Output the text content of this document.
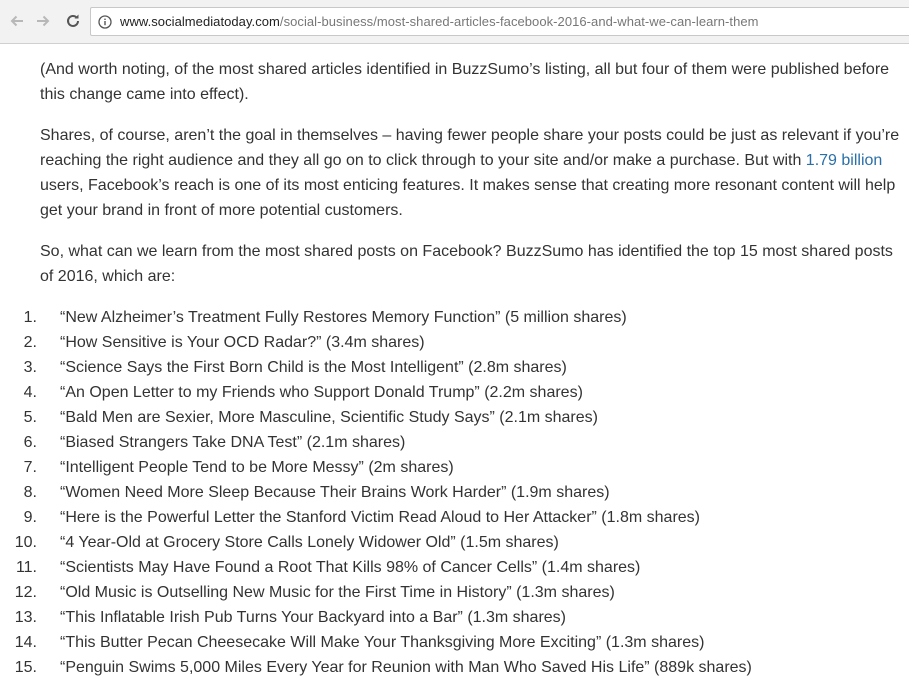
www.socialmediatoday.com/social-business/most-shared-articles-facebook-2016-and-what-we-can-learn-them

(And worth noting, of the most shared articles identified in BuzzSumo’s listing, all but four of them were published before this change came into effect).

Shares, of course, aren’t the goal in themselves – having fewer people share your posts could be just as relevant if you’re reaching the right audience and they all go on to click through to your site and/or make a purchase. But with 1.79 billion users, Facebook’s reach is one of its most enticing features. It makes sense that creating more resonant content will help get your brand in front of more potential customers.

So, what can we learn from the most shared posts on Facebook? BuzzSumo has identified the top 15 most shared posts of 2016, which are:

1. “New Alzheimer’s Treatment Fully Restores Memory Function” (5 million shares)
2. “How Sensitive is Your OCD Radar?” (3.4m shares)
3. “Science Says the First Born Child is the Most Intelligent” (2.8m shares)
4. “An Open Letter to my Friends who Support Donald Trump” (2.2m shares)
5. “Bald Men are Sexier, More Masculine, Scientific Study Says” (2.1m shares)
6. “Biased Strangers Take DNA Test” (2.1m shares)
7. “Intelligent People Tend to be More Messy” (2m shares)
8. “Women Need More Sleep Because Their Brains Work Harder” (1.9m shares)
9. “Here is the Powerful Letter the Stanford Victim Read Aloud to Her Attacker” (1.8m shares)
10. “4 Year-Old at Grocery Store Calls Lonely Widower Old” (1.5m shares)
11. “Scientists May Have Found a Root That Kills 98% of Cancer Cells” (1.4m shares)
12. “Old Music is Outselling New Music for the First Time in History” (1.3m shares)
13. “This Inflatable Irish Pub Turns Your Backyard into a Bar” (1.3m shares)
14. “This Butter Pecan Cheesecake Will Make Your Thanksgiving More Exciting” (1.3m shares)
15. “Penguin Swims 5,000 Miles Every Year for Reunion with Man Who Saved His Life” (889k shares)
